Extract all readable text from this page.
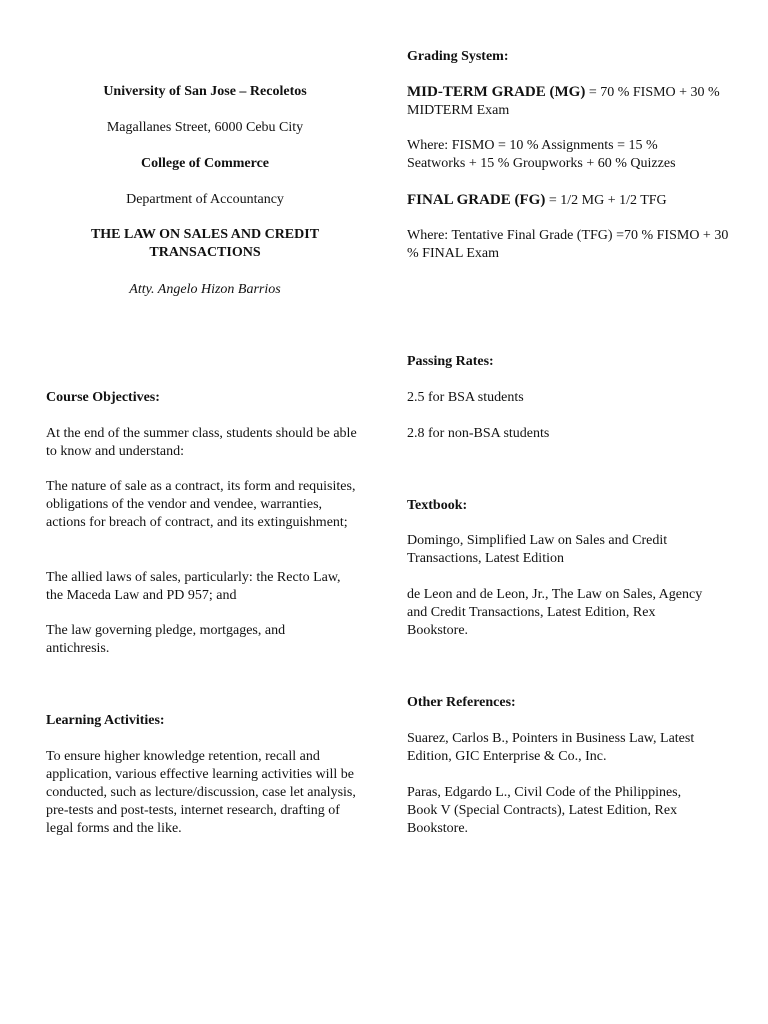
University of San Jose – Recoletos

Magallanes Street, 6000 Cebu City

College of Commerce

Department of Accountancy

THE LAW ON SALES AND CREDIT TRANSACTIONS

Atty. Angelo Hizon Barrios

Course Objectives:

At the end of the summer class, students should be able to know and understand:

The nature of sale as a contract, its form and requisites, obligations of the vendor and vendee, warranties, actions for breach of contract, and its extinguishment;

The allied laws of sales, particularly: the Recto Law, the Maceda Law and PD 957; and

The law governing pledge, mortgages, and antichresis.

Learning Activities:

To ensure higher knowledge retention, recall and application, various effective learning activities will be conducted, such as lecture/discussion, case let analysis, pre-tests and post-tests, internet research, drafting of legal forms and the like.

Grading System:

MID-TERM GRADE (MG) = 70 % FISMO + 30 % MIDTERM Exam

Where: FISMO = 10 % Assignments = 15 % Seatworks + 15 % Groupworks + 60 % Quizzes

FINAL GRADE (FG) = 1/2 MG + 1/2 TFG

Where: Tentative Final Grade (TFG) =70 % FISMO + 30 % FINAL Exam

Passing Rates:

2.5 for BSA students

2.8 for non-BSA students

Textbook:

Domingo, Simplified Law on Sales and Credit Transactions, Latest Edition

de Leon and de Leon, Jr., The Law on Sales, Agency and Credit Transactions, Latest Edition, Rex Bookstore.

Other References:

Suarez, Carlos B., Pointers in Business Law, Latest Edition, GIC Enterprise & Co., Inc.

Paras, Edgardo L., Civil Code of the Philippines, Book V (Special Contracts), Latest Edition, Rex Bookstore.
